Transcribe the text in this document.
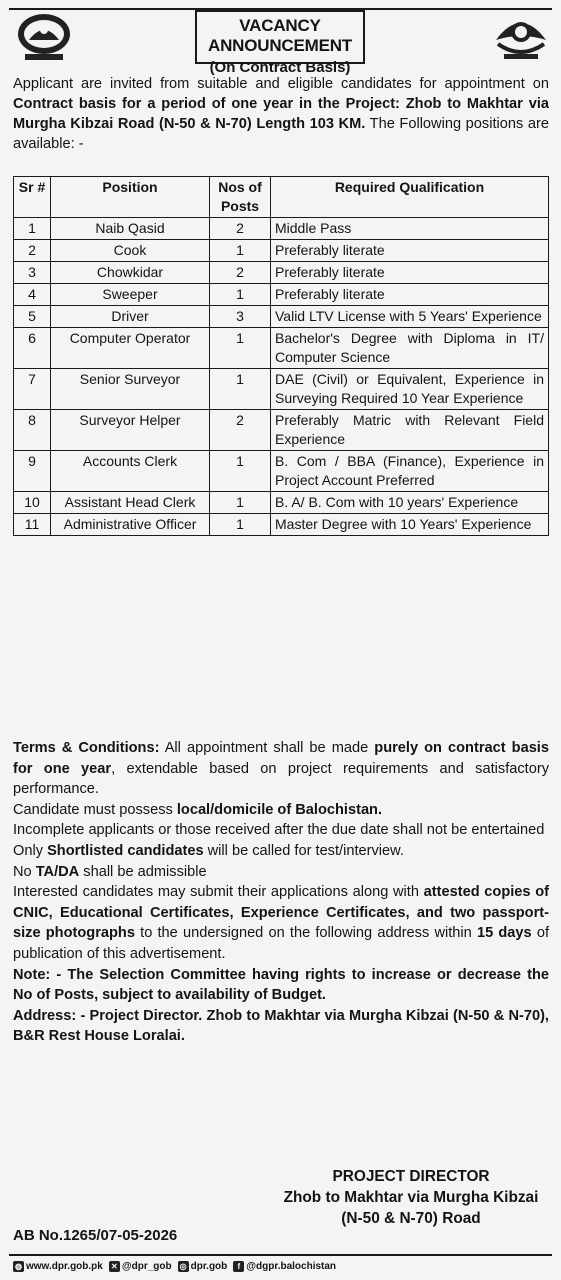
VACANCY ANNOUNCEMENT
(On Contract Basis)
Applicant are invited from suitable and eligible candidates for appointment on Contract basis for a period of one year in the Project: Zhob to Makhtar via Murgha Kibzai Road (N-50 & N-70) Length 103 KM. The Following positions are available: -
Sr #	Position	Nos of Posts	Required Qualification
1	Naib Qasid	2	Middle Pass
2	Cook	1	Preferably literate
3	Chowkidar	2	Preferably literate
4	Sweeper	1	Preferably literate
5	Driver	3	Valid LTV License with 5 Years' Experience
6	Computer Operator	1	Bachelor's Degree with Diploma in IT/ Computer Science
7	Senior Surveyor	1	DAE (Civil) or Equivalent, Experience in Surveying Required 10 Year Experience
8	Surveyor Helper	2	Preferably Matric with Relevant Field Experience
9	Accounts Clerk	1	B. Com / BBA (Finance), Experience in Project Account Preferred
10	Assistant Head Clerk	1	B. A/ B. Com with 10 years' Experience
11	Administrative Officer	1	Master Degree with 10 Years' Experience

Terms & Conditions: All appointment shall be made purely on contract basis for one year, extendable based on project requirements and satisfactory performance.

Candidate must possess local/domicile of Balochistan.

Incomplete applicants or those received after the due date shall not be entertained

Only Shortlisted candidates will be called for test/interview.

No TA/DA shall be admissible

Interested candidates may submit their applications along with attested copies of CNIC, Educational Certificates, Experience Certificates, and two passport-size photographs to the undersigned on the following address within 15 days of publication of this advertisement.

Note: - The Selection Committee having rights to increase or decrease the No of Posts, subject to availability of Budget.

Address: - Project Director. Zhob to Makhtar via Murgha Kibzai (N-50 & N-70), B&R Rest House Loralai.

PROJECT DIRECTOR
Zhob to Makhtar via Murgha Kibzai
(N-50 & N-70) Road
AB No.1265/07-05-2026
◍ www.dpr.gob.pk ✕ @dpr_gob ◎ dpr.gob	f @dgpr.balochistan
